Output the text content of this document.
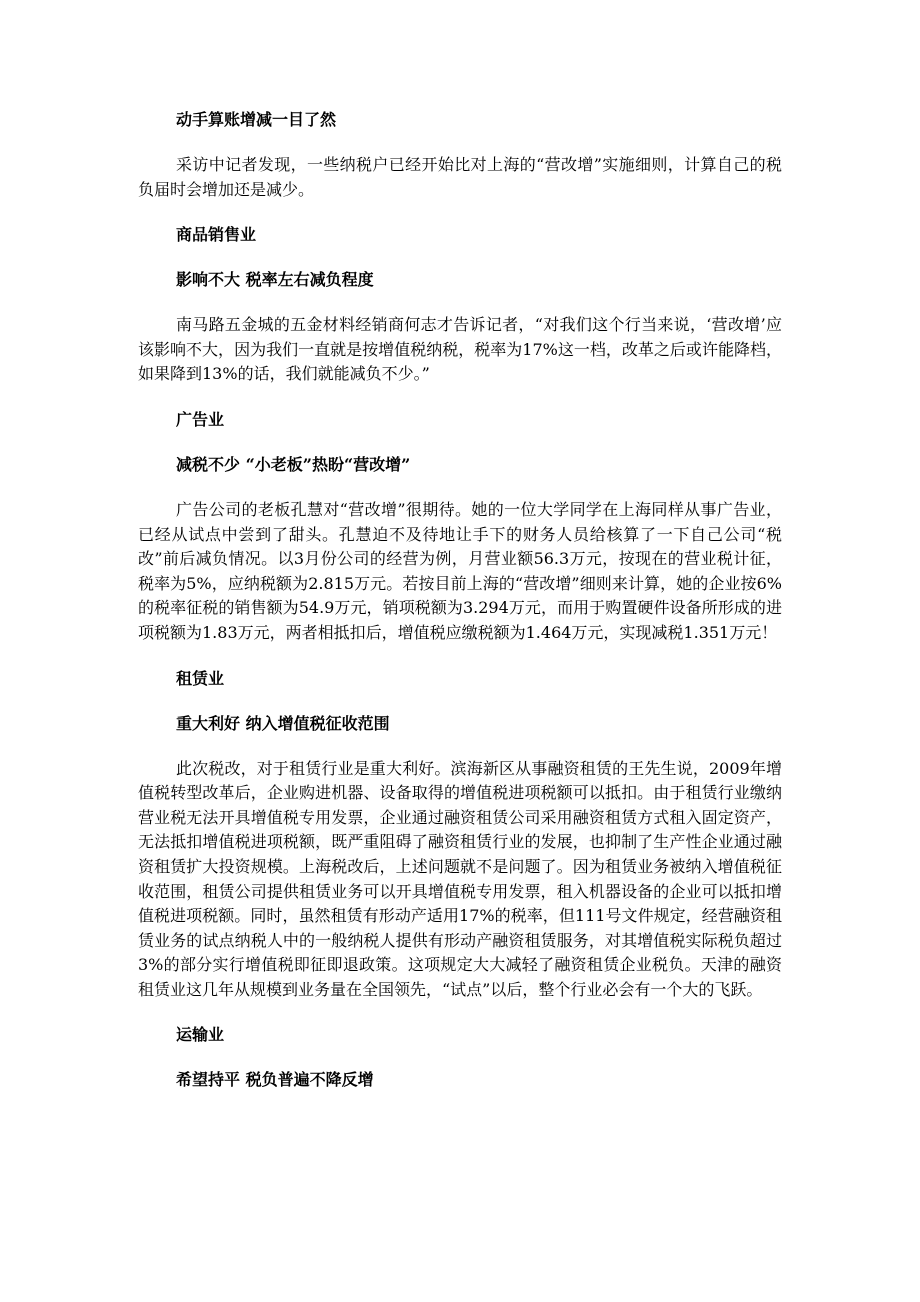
动手算账增减一目了然

采访中记者发现，一些纳税户已经开始比对上海的“营改增”实施细则，计算自己的税负届时会增加还是减少。

商品销售业
影响不大 税率左右减负程度

南马路五金城的五金材料经销商何志才告诉记者，“对我们这个行当来说，‘营改增’应该影响不大，因为我们一直就是按增值税纳税，税率为17%这一档，改革之后或许能降档，如果降到13%的话，我们就能减负不少。”

广告业
减税不少 “小老板”热盼“营改增”

广告公司的老板孔慧对“营改增”很期待。她的一位大学同学在上海同样从事广告业，已经从试点中尝到了甜头。孔慧迫不及待地让手下的财务人员给核算了一下自己公司“税改”前后减负情况。以3月份公司的经营为例，月营业额56.3万元，按现在的营业税计征，税率为5%，应纳税额为2.815万元。若按目前上海的“营改增”细则来计算，她的企业按6%的税率征税的销售额为54.9万元，销项税额为3.294万元，而用于购置硬件设备所形成的进项税额为1.83万元，两者相抵扣后，增值税应缴税额为1.464万元，实现减税1.351万元！

租赁业
重大利好 纳入增值税征收范围

此次税改，对于租赁行业是重大利好。滨海新区从事融资租赁的王先生说，2009年增值税转型改革后，企业购进机器、设备取得的增值税进项税额可以抵扣。由于租赁行业缴纳营业税无法开具增值税专用发票，企业通过融资租赁公司采用融资租赁方式租入固定资产，无法抵扣增值税进项税额，既严重阻碍了融资租赁行业的发展，也抑制了生产性企业通过融资租赁扩大投资规模。上海税改后，上述问题就不是问题了。因为租赁业务被纳入增值税征收范围，租赁公司提供租赁业务可以开具增值税专用发票，租入机器设备的企业可以抵扣增值税进项税额。同时，虽然租赁有形动产适用17%的税率，但111号文件规定，经营融资租赁业务的试点纳税人中的一般纳税人提供有形动产融资租赁服务，对其增值税实际税负超过3%的部分实行增值税即征即退政策。这项规定大大减轻了融资租赁企业税负。天津的融资租赁业这几年从规模到业务量在全国领先，“试点”以后，整个行业必会有一个大的飞跃。

运输业
希望持平 税负普遍不降反增
